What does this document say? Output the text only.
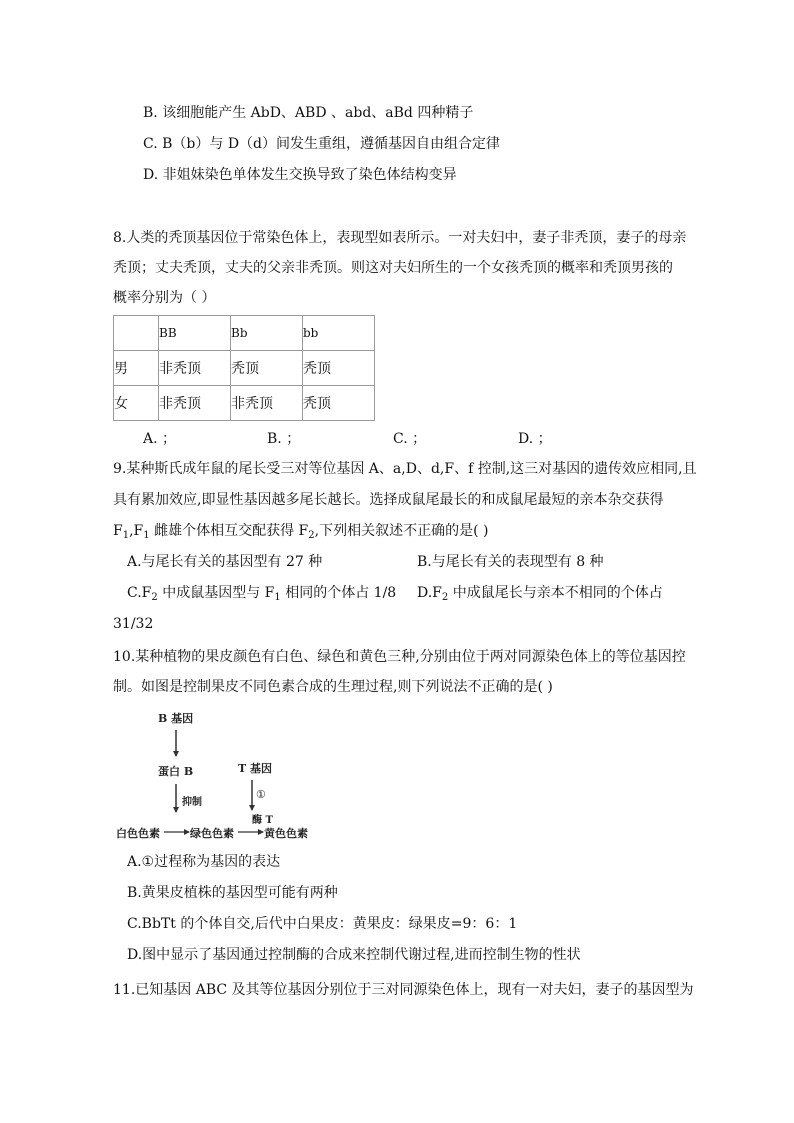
B. 该细胞能产生 AbD、ABD 、abd、aBd 四种精子
C. B（b）与 D（d）间发生重组，遵循基因自由组合定律
D. 非姐妹染色单体发生交换导致了染色体结构变异
8.人类的秃顶基因位于常染色体上，表现型如表所示。一对夫妇中，妻子非秃顶，妻子的母亲
秃顶；丈夫秃顶，丈夫的父亲非秃顶。则这对夫妇所生的一个女孩秃顶的概率和秃顶男孩的
概率分别为（ ）
	BB	Bb	bb
男	非秃顶	秃顶	秃顶
女	非秃顶	非秃顶	秃顶
A. ；	B. ；	C. ；	D. ；
9.某种斯氏成年鼠的尾长受三对等位基因 A、a,D、d,F、f 控制,这三对基因的遗传效应相同,且
具有累加效应,即显性基因越多尾长越长。选择成鼠尾最长的和成鼠尾最短的亲本杂交获得
$F_1,F_1$ 雌雄个体相互交配获得 $F_2$,下列相关叙述不正确的是( )
A.与尾长有关的基因型有 27 种	B.与尾长有关的表现型有 8 种
$C.F_2$ 中成鼠基因型与 $F_1$ 相同的个体占 1/8 $D.F_2$ 中成鼠尾长与亲本不相同的个体占
31/32
10.某种植物的果皮颜色有白色、绿色和黄色三种,分别由位于两对同源染色体上的等位基因控
制。如图是控制果皮不同色素合成的生理过程,则下列说法不正确的是( )
B 基因
蛋白 B
抑制
T 基因
①
酶 T
白色色素	绿色色素	黄色色素
A.①过程称为基因的表达
B.黄果皮植株的基因型可能有两种
C.BbTt 的个体自交,后代中白果皮：黄果皮：绿果皮=9：6：1
D.图中显示了基因通过控制酶的合成来控制代谢过程,进而控制生物的性状
11.已知基因 ABC 及其等位基因分别位于三对同源染色体上，现有一对夫妇，妻子的基因型为
